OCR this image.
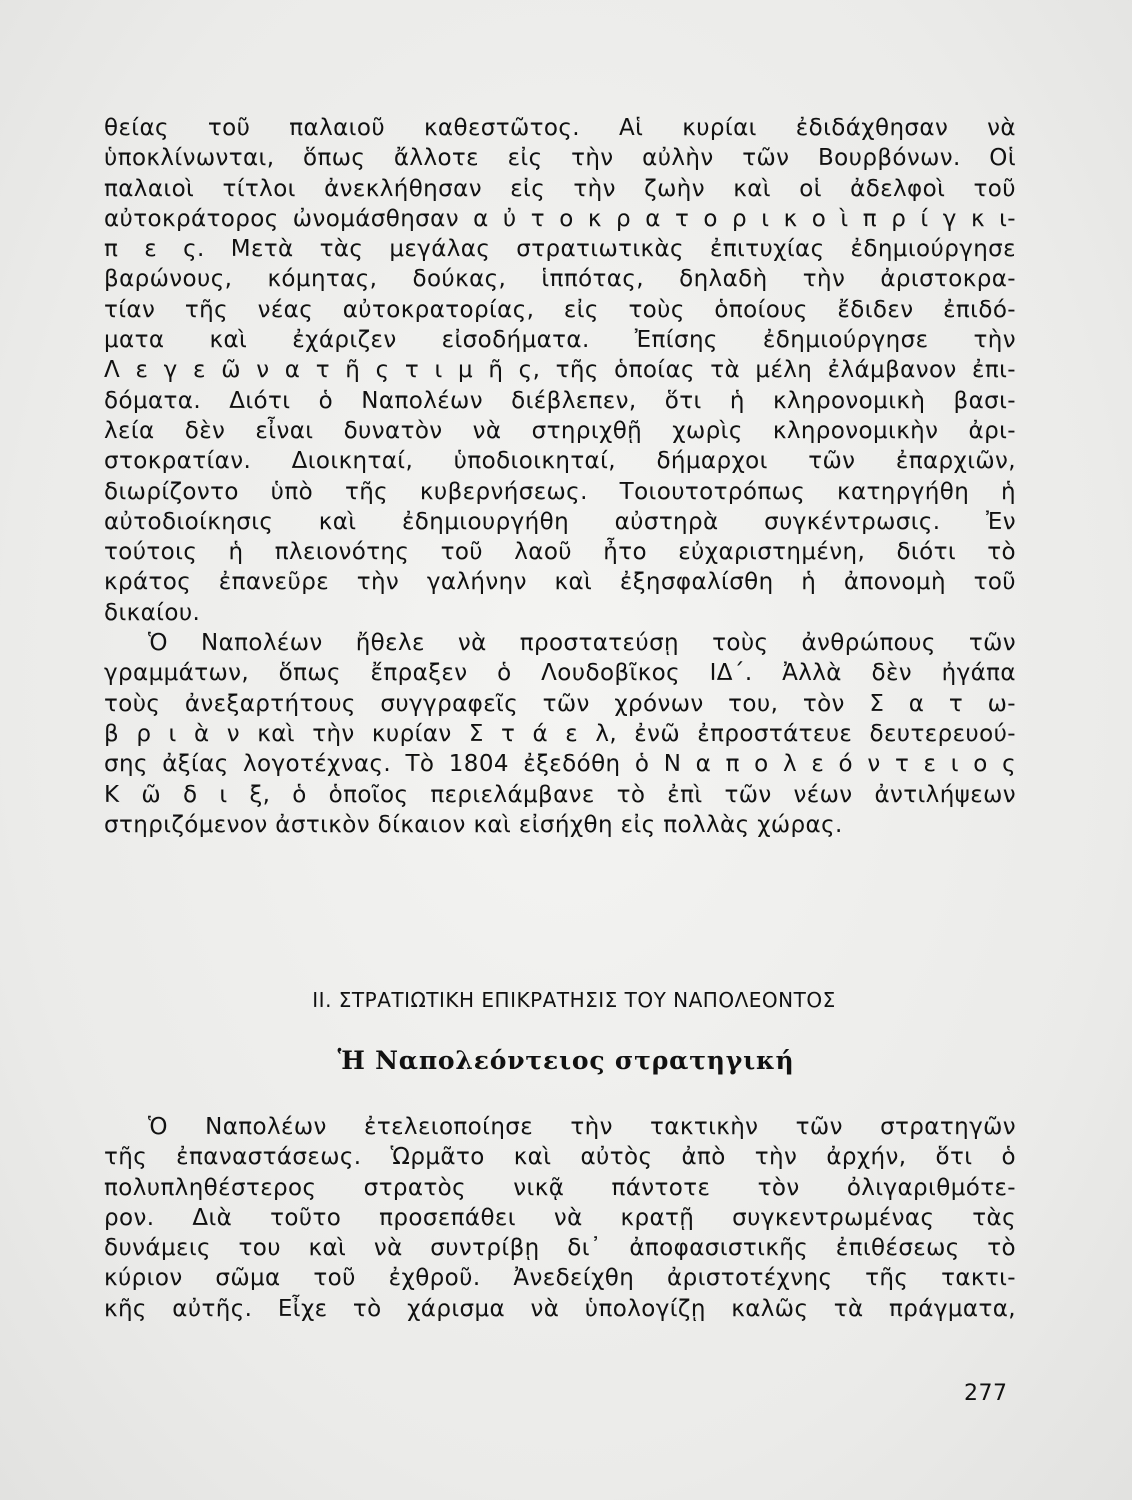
θείας τοῦ παλαιοῦ καθεστῶτος. Αἱ κυρίαι ἐδιδάχθησαν νὰ
ὑποκλίνωνται, ὅπως ἄλλοτε εἰς τὴν αὐλὴν τῶν Βουρβόνων. Οἱ
παλαιοὶ τίτλοι ἀνεκλήθησαν εἰς τὴν ζωὴν καὶ οἱ ἀδελφοὶ τοῦ
αὐτοκράτορος ὠνομάσθησαν α ὐ τ ο κ ρ α τ ο ρ ι κ ο ὶ π ρ ί γ κ ι-
π ε ς. Μετὰ τὰς μεγάλας στρατιωτικὰς ἐπιτυχίας ἐδημιούργησε
βαρώνους, κόμητας, δούκας, ἱππότας, δηλαδὴ τὴν ἀριστοκρα-
τίαν τῆς νέας αὐτοκρατορίας, εἰς τοὺς ὁποίους ἔδιδεν ἐπιδό-
ματα καὶ ἐχάριζεν εἰσοδήματα. Ἐπίσης ἐδημιούργησε τὴν
Λ ε γ ε ῶ ν α τ ῆ ς τ ι μ ῆ ς, τῆς ὁποίας τὰ μέλη ἐλάμβανον ἐπι-
δόματα. Διότι ὁ Ναπολέων διέβλεπεν, ὅτι ἡ κληρονομικὴ βασι-
λεία δὲν εἶναι δυνατὸν νὰ στηριχθῇ χωρὶς κληρονομικὴν ἀρι-
στοκρατίαν. Διοικηταί, ὑποδιοικηταί, δήμαρχοι τῶν ἐπαρχιῶν,
διωρίζοντο ὑπὸ τῆς κυβερνήσεως. Τοιουτοτρόπως κατηργήθη ἡ
αὐτοδιοίκησις καὶ ἐδημιουργήθη αὐστηρὰ συγκέντρωσις. Ἐν
τούτοις ἡ πλειονότης τοῦ λαοῦ ἦτο εὐχαριστημένη, διότι τὸ
κράτος ἐπανεῦρε τὴν γαλήνην καὶ ἐξησφαλίσθη ἡ ἀπονομὴ τοῦ
δικαίου.
Ὁ Ναπολέων ἤθελε νὰ προστατεύσῃ τοὺς ἀνθρώπους τῶν
γραμμάτων, ὅπως ἔπραξεν ὁ Λουδοβῖκος ΙΔ΄. Ἀλλὰ δὲν ἠγάπα
τοὺς ἀνεξαρτήτους συγγραφεῖς τῶν χρόνων του, τὸν Σ α τ ω-
β ρ ι ὰ ν καὶ τὴν κυρίαν Σ τ ά ε λ, ἐνῶ ἐπροστάτευε δευτερευού-
σης ἀξίας λογοτέχνας. Τὸ 1804 ἐξεδόθη ὁ Ν α π ο λ ε ό ν τ ε ι ο ς
Κ ῶ δ ι ξ, ὁ ὁποῖος περιελάμβανε τὸ ἐπὶ τῶν νέων ἀντιλήψεων
στηριζόμενον ἀστικὸν δίκαιον καὶ εἰσήχθη εἰς πολλὰς χώρας.
ΙΙ. ΣΤΡΑΤΙΩΤΙΚΗ ΕΠΙΚΡΑΤΗΣΙΣ ΤΟΥ ΝΑΠΟΛΕΟΝΤΟΣ
Ἡ Ναπολεόντειος στρατηγική
Ὁ Ναπολέων ἐτελειοποίησε τὴν τακτικὴν τῶν στρατηγῶν
τῆς ἐπαναστάσεως. Ὡρμᾶτο καὶ αὐτὸς ἀπὸ τὴν ἀρχήν, ὅτι ὁ
πολυπληθέστερος στρατὸς νικᾷ πάντοτε τὸν ὀλιγαριθμότε-
ρον. Διὰ τοῦτο προσεπάθει νὰ κρατῇ συγκεντρωμένας τὰς
δυνάμεις του καὶ νὰ συντρίβῃ δι᾿ ἀποφασιστικῆς ἐπιθέσεως τὸ
κύριον σῶμα τοῦ ἐχθροῦ. Ἀνεδείχθη ἀριστοτέχνης τῆς τακτι-
κῆς αὐτῆς. Εἶχε τὸ χάρισμα νὰ ὑπολογίζῃ καλῶς τὰ πράγματα,
277
